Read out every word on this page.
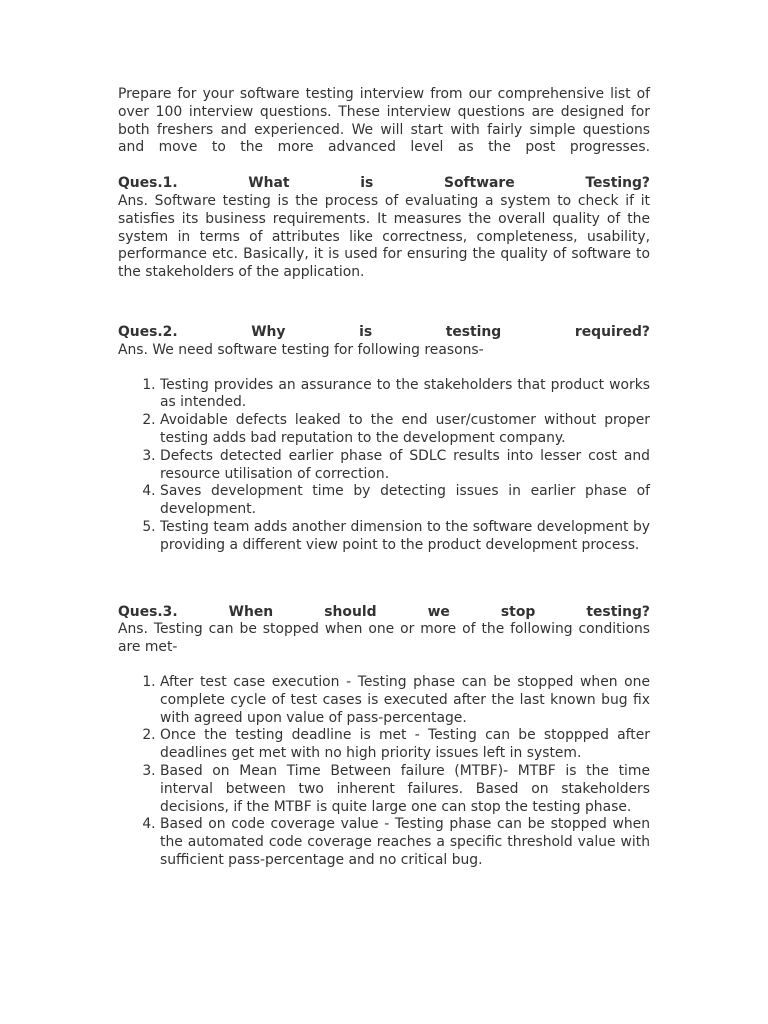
Prepare for your software testing interview from our comprehensive list of over 100 interview questions. These interview questions are designed for both freshers and experienced. We will start with fairly simple questions and move to the more advanced level as the post progresses.

Ques.1. What is Software Testing?

Ans. Software testing is the process of evaluating a system to check if it satisfies its business requirements. It measures the overall quality of the system in terms of attributes like correctness, completeness, usability, performance etc. Basically, it is used for ensuring the quality of software to the stakeholders of the application.

Ques.2. Why is testing required?

Ans. We need software testing for following reasons-

1. Testing provides an assurance to the stakeholders that product works as intended.
2. Avoidable defects leaked to the end user/customer without proper testing adds bad reputation to the development company.
3. Defects detected earlier phase of SDLC results into lesser cost and resource utilisation of correction.
4. Saves development time by detecting issues in earlier phase of development.
5. Testing team adds another dimension to the software development by providing a different view point to the product development process.

Ques.3. When should we stop testing?

Ans. Testing can be stopped when one or more of the following conditions are met-

1. After test case execution - Testing phase can be stopped when one complete cycle of test cases is executed after the last known bug fix with agreed upon value of pass-percentage.
2. Once the testing deadline is met - Testing can be stoppped after deadlines get met with no high priority issues left in system.
3. Based on Mean Time Between failure (MTBF)- MTBF is the time interval between two inherent failures. Based on stakeholders decisions, if the MTBF is quite large one can stop the testing phase.
4. Based on code coverage value - Testing phase can be stopped when the automated code coverage reaches a specific threshold value with sufficient pass-percentage and no critical bug.
